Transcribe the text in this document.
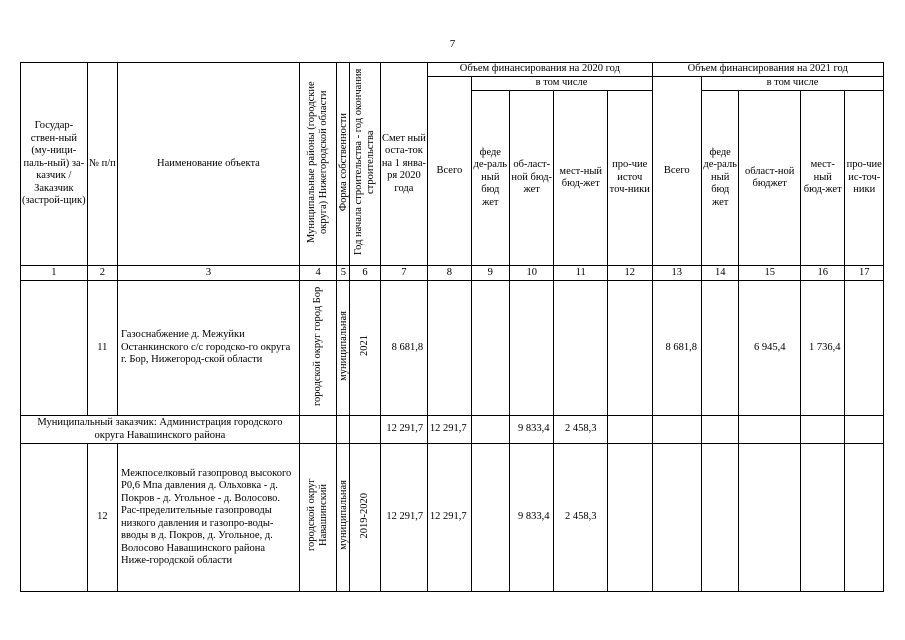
7
Государ-ствен-ный (му-ници-паль-ный) за-казчик / Заказчик (застрой-щик)	№ п/п	Наименование объекта	Муниципальные районы (городские округа) Нижегородской области	Форма собственности	Год начала строительства - год окончания строительства	Смет ный оста-ток на 1 янва-ря 2020 года	Объем финансирования на 2020 год					Объем финансирования на 2021 год				
							Всего	в том числе				Всего	в том числе			
								феде де-раль ный бюд жет	об-ласт-ной бюд-жет	мест-ный бюд-жет	про-чие источ точ-ники		феде де-раль ный бюд жет	област-ной бюджет	мест-ный бюд-жет	про-чие ис-точ-ники
1	2	3	4	5	6	7	8	9	10	11	12	13	14	15	16	17
	11	Газоснабжение д. Межуйки Останкинского с/с городско-го округа г. Бор, Нижегород-ской области	городской округ город Бор	муниципальная	2021	8 681,8						8 681,8		6 945,4	1 736,4	
Муниципальный заказчик: Администрация городского округа Навашинского района						12 291,7	12 291,7		9 833,4	2 458,3						
	12	Межпоселковый газопровод высокого Р0,6 Мпа давления д. Ольховка - д. Покров - д. Угольное - д. Волосово. Рас-пределительные газопроводы низкого давления и газопро-воды-вводы в д. Покров, д. Угольное, д. Волосово Навашинского района Ниже-городской области	городской округ Навашинский	муниципальная	2019-2020	12 291,7	12 291,7		9 833,4	2 458,3						
